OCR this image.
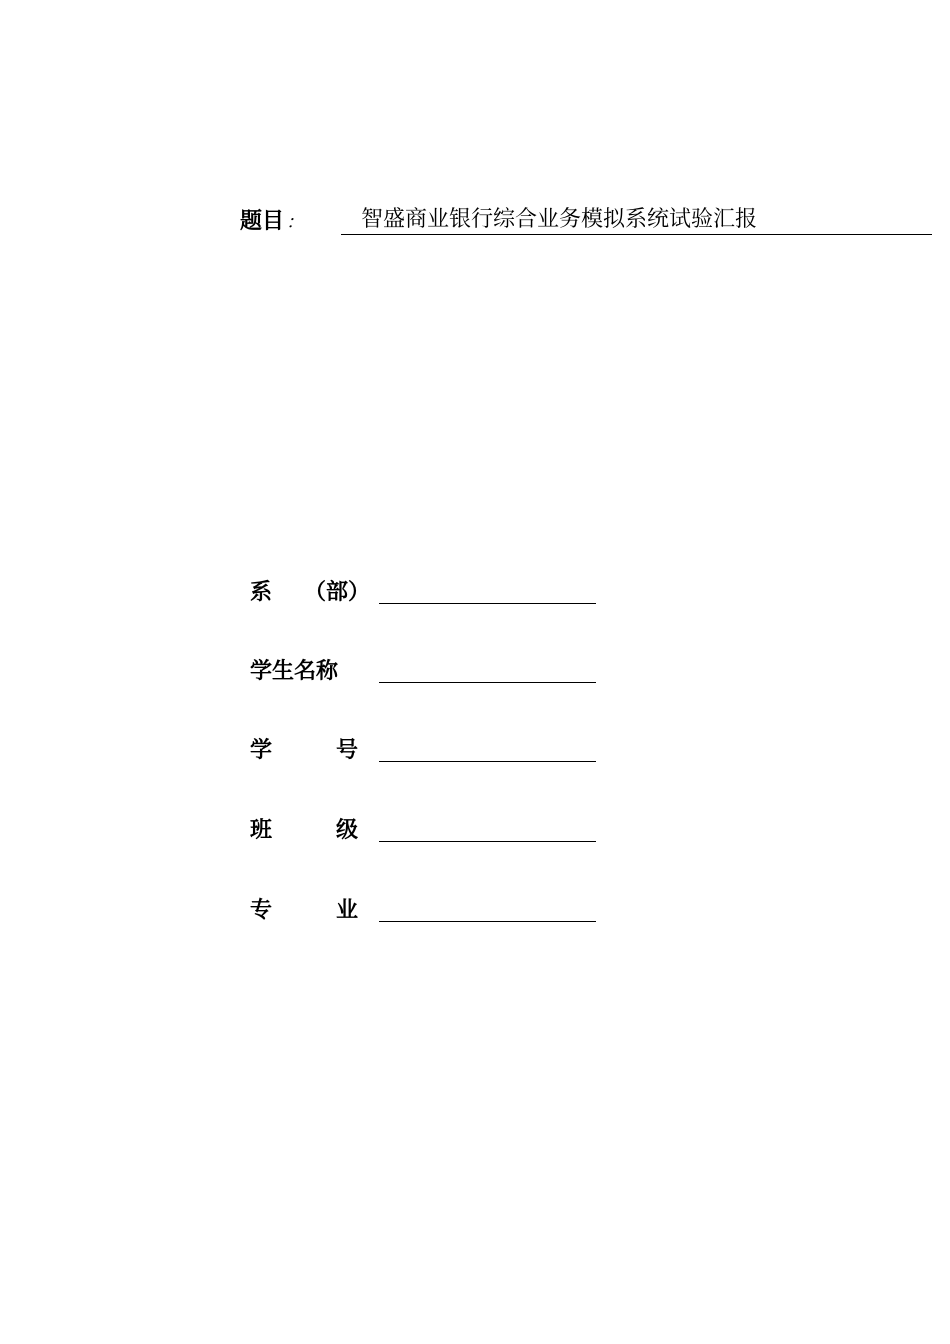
题目 ：	智盛商业银行综合业务模拟系统试验汇报
系 （部）
学生名称
学	号
班	级
专	业
